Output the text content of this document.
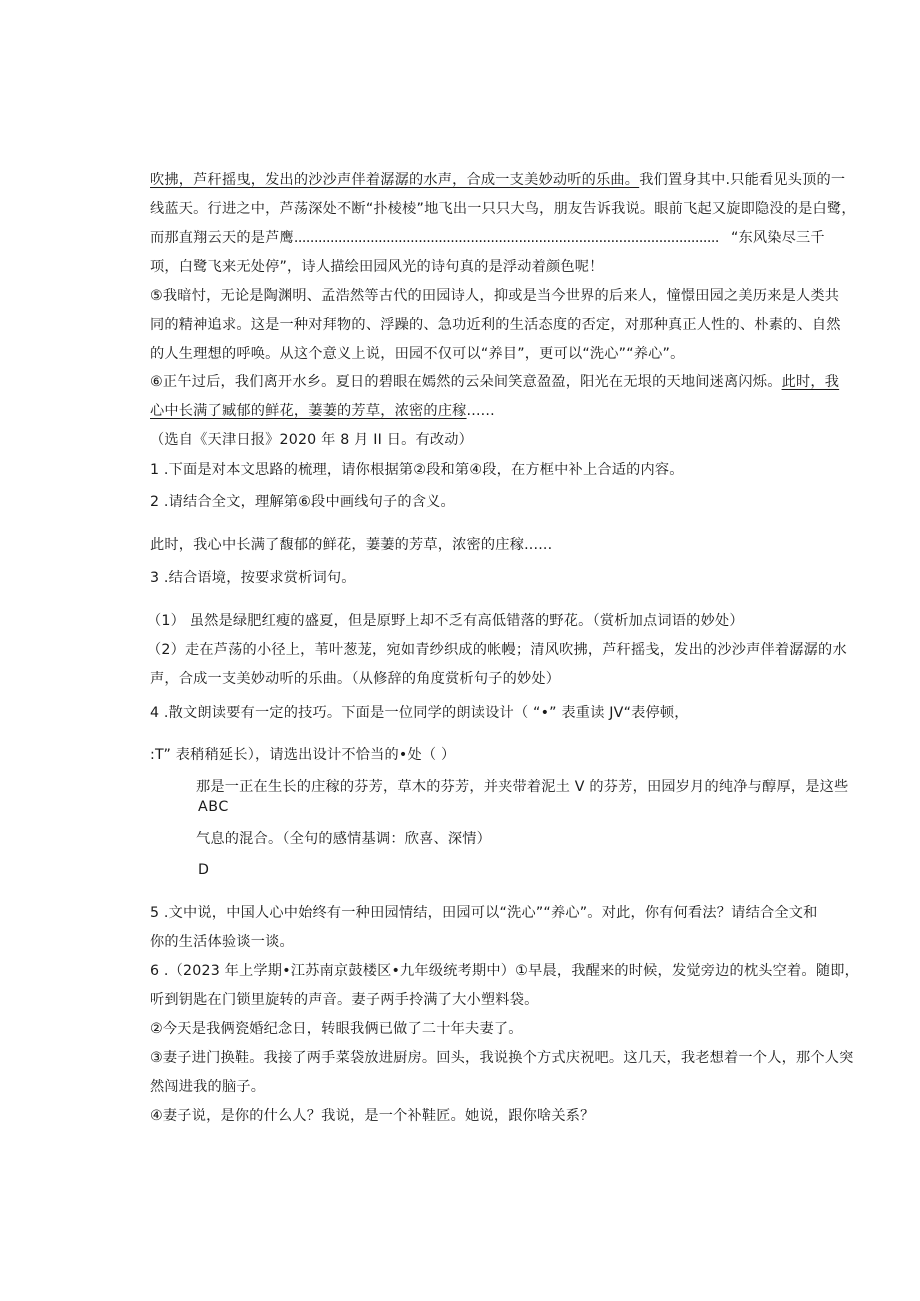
吹拂，芦秆摇曳，发出的沙沙声伴着潺潺的水声，合成一支美妙动听的乐曲。我们置身其中.只能看见头顶的一
线蓝天。行进之中，芦荡深处不断“扑棱棱”地飞出一只只大鸟，朋友告诉我说。眼前飞起又旋即隐没的是白鹭，
而那直翔云天的是芦鹰.......................................................................................................... “东风染尽三千
项，白鹭飞来无处停”，诗人描绘田园风光的诗句真的是浮动着颜色呢！
⑤我暗忖，无论是陶渊明、孟浩然等古代的田园诗人，抑或是当今世界的后来人，憧憬田园之美历来是人类共
同的精神追求。这是一种对拜物的、浮躁的、急功近利的生活态度的否定，对那种真正人性的、朴素的、自然
的人生理想的呼唤。从这个意义上说，田园不仅可以“养目”，更可以“洗心”“养心”。
⑥正午过后，我们离开水乡。夏日的碧眼在嫣然的云朵间笑意盈盈，阳光在无垠的天地间迷离闪烁。此时，我
心中长满了臧郁的鲜花，萋萋的芳草，浓密的庄稼......
（选自《天津日报》2020 年 8 月 II 日。有改动）
1 .下面是对本文思路的梳理，请你根据第②段和第④段，在方框中补上合适的内容。
2 .请结合全文，理解第⑥段中画线句子的含义。
此时，我心中长满了馥郁的鲜花，萋萋的芳草，浓密的庄稼......
3 .结合语境，按要求赏析词句。
（1） 虽然是绿肥红瘦的盛夏，但是原野上却不乏有高低错落的野花。（赏析加点词语的妙处）
（2）走在芦荡的小径上，苇叶葱茏，宛如青纱织成的帐幔；清风吹拂，芦秆摇戋，发出的沙沙声伴着潺潺的水
声，合成一支美妙动听的乐曲。（从修辞的角度赏析句子的妙处）
4 .散文朗读要有一定的技巧。下面是一位同学的朗读设计（ “•” 表重读 JV“表停顿，
:T” 表稍稍延长），请选出设计不恰当的•处（ ）
那是一正在生长的庄稼的芬芳，草木的芬芳，并夹带着泥土 V 的芬芳，田园岁月的纯净与醇厚，是这些
ABC
气息的混合。（全句的感情基调：欣喜、深情）
D
5 .文中说，中国人心中始终有一种田园情结，田园可以“洗心”“养心”。对此，你有何看法？请结合全文和
你的生活体验谈一谈。
6 .（2023 年上学期•江苏南京鼓楼区•九年级统考期中）①早晨，我醒来的时候，发觉旁边的枕头空着。随即，
听到钥匙在门锁里旋转的声音。妻子两手拎满了大小塑料袋。
②今天是我俩瓷婚纪念日，转眼我俩已做了二十年夫妻了。
③妻子进门换鞋。我接了两手菜袋放进厨房。回头，我说换个方式庆祝吧。这几天，我老想着一个人，那个人突
然闯进我的脑子。
④妻子说，是你的什么人？我说，是一个补鞋匠。她说，跟你啥关系？
